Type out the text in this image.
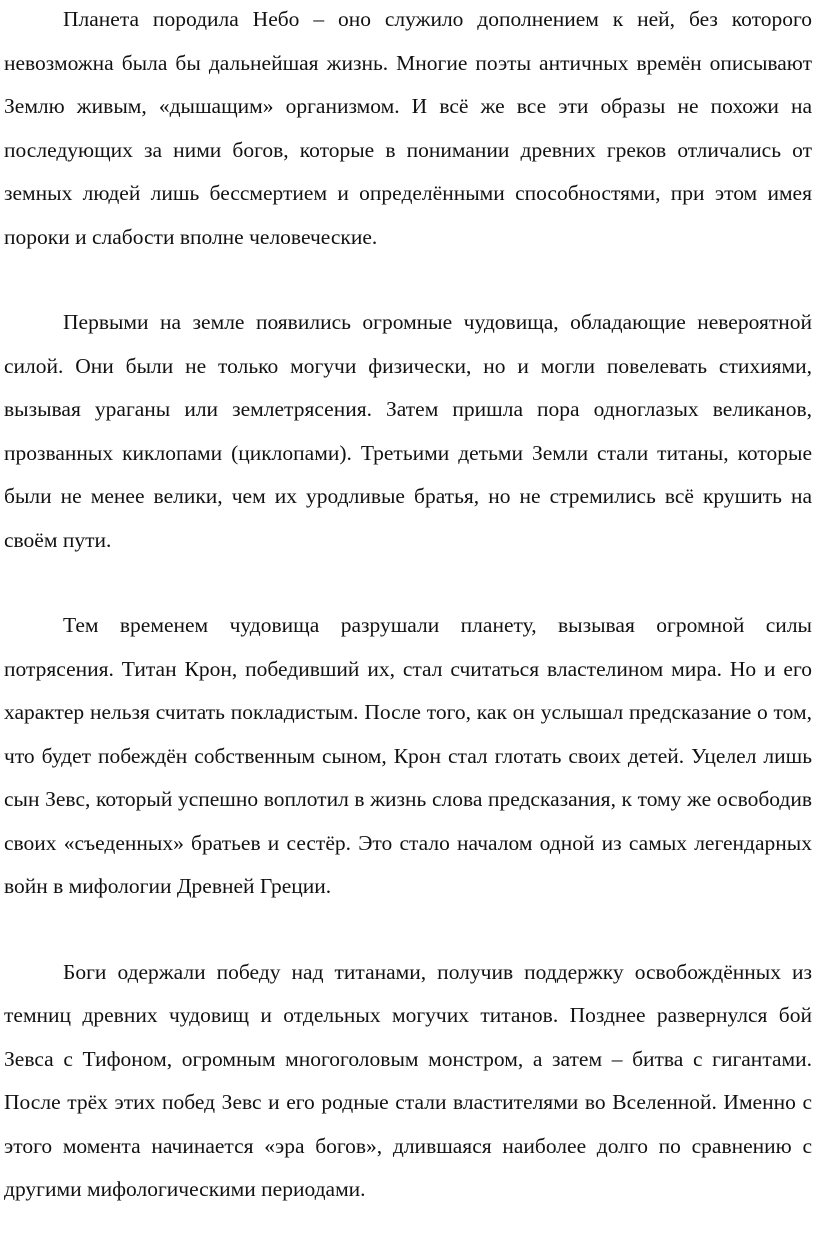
Планета породила Небо – оно служило дополнением к ней, без которого невозможна была бы дальнейшая жизнь. Многие поэты античных времён описывают Землю живым, «дышащим» организмом. И всё же все эти образы не похожи на последующих за ними богов, которые в понимании древних греков отличались от земных людей лишь бессмертием и определёнными способностями, при этом имея пороки и слабости вполне человеческие.

Первыми на земле появились огромные чудовища, обладающие невероятной силой. Они были не только могучи физически, но и могли повелевать стихиями, вызывая ураганы или землетрясения. Затем пришла пора одноглазых великанов, прозванных киклопами (циклопами). Третьими детьми Земли стали титаны, которые были не менее велики, чем их уродливые братья, но не стремились всё крушить на своём пути.

Тем временем чудовища разрушали планету, вызывая огромной силы потрясения. Титан Крон, победивший их, стал считаться властелином мира. Но и его характер нельзя считать покладистым. После того, как он услышал предсказание о том, что будет побеждён собственным сыном, Крон стал глотать своих детей. Уцелел лишь сын Зевс, который успешно воплотил в жизнь слова предсказания, к тому же освободив своих «съеденных» братьев и сестёр. Это стало началом одной из самых легендарных войн в мифологии Древней Греции.

Боги одержали победу над титанами, получив поддержку освобождённых из темниц древних чудовищ и отдельных могучих титанов. Позднее развернулся бой Зевса с Тифоном, огромным многоголовым монстром, а затем – битва с гигантами. После трёх этих побед Зевс и его родные стали властителями во Вселенной. Именно с этого момента начинается «эра богов», длившаяся наиболее долго по сравнению с другими мифологическими периодами.
